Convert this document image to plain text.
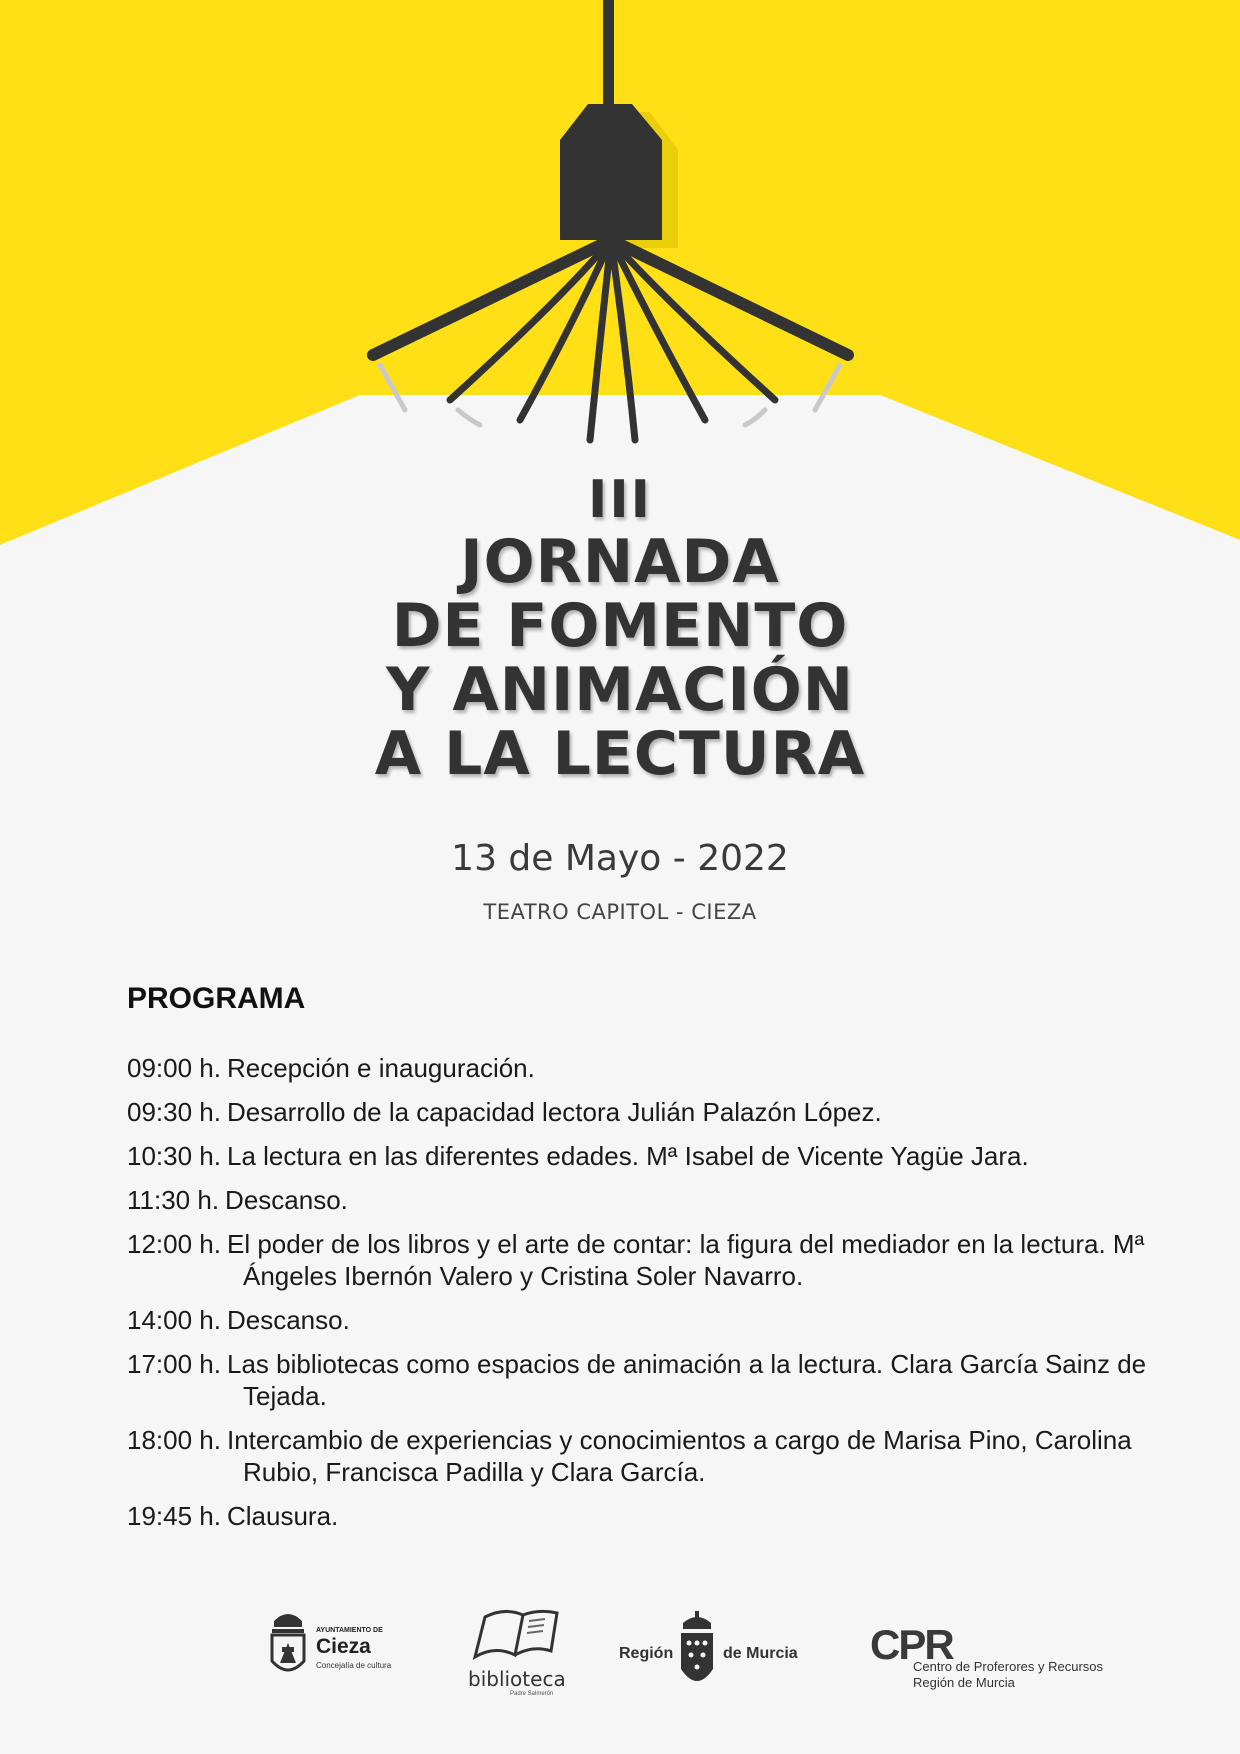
III
JORNADA
DE FOMENTO
Y ANIMACIÓN
A LA LECTURA
13 de Mayo - 2022
TEATRO CAPITOL - CIEZA
PROGRAMA
09:00 h. Recepción e inauguración.
09:30 h. Desarrollo de la capacidad lectora Julián Palazón López.
10:30 h. La lectura en las diferentes edades. Mª Isabel de Vicente Yagüe Jara.
11:30 h. Descanso.
12:00 h. El poder de los libros y el arte de contar: la figura del mediador en la lectura. Mª Ángeles Ibernón Valero y Cristina Soler Navarro.
14:00 h. Descanso.
17:00 h. Las bibliotecas como espacios de animación a la lectura. Clara García Sainz de Tejada.
18:00 h. Intercambio de experiencias y conocimientos a cargo de Marisa Pino, Carolina Rubio, Francisca Padilla y Clara García.
19:45 h. Clausura.
AYUNTAMIENTO DE
Cieza
Concejalía de cultura
biblioteca
Padre Salmerón
Región	de Murcia CPR
Centro de Proferores y Recursos
Región de Murcia
